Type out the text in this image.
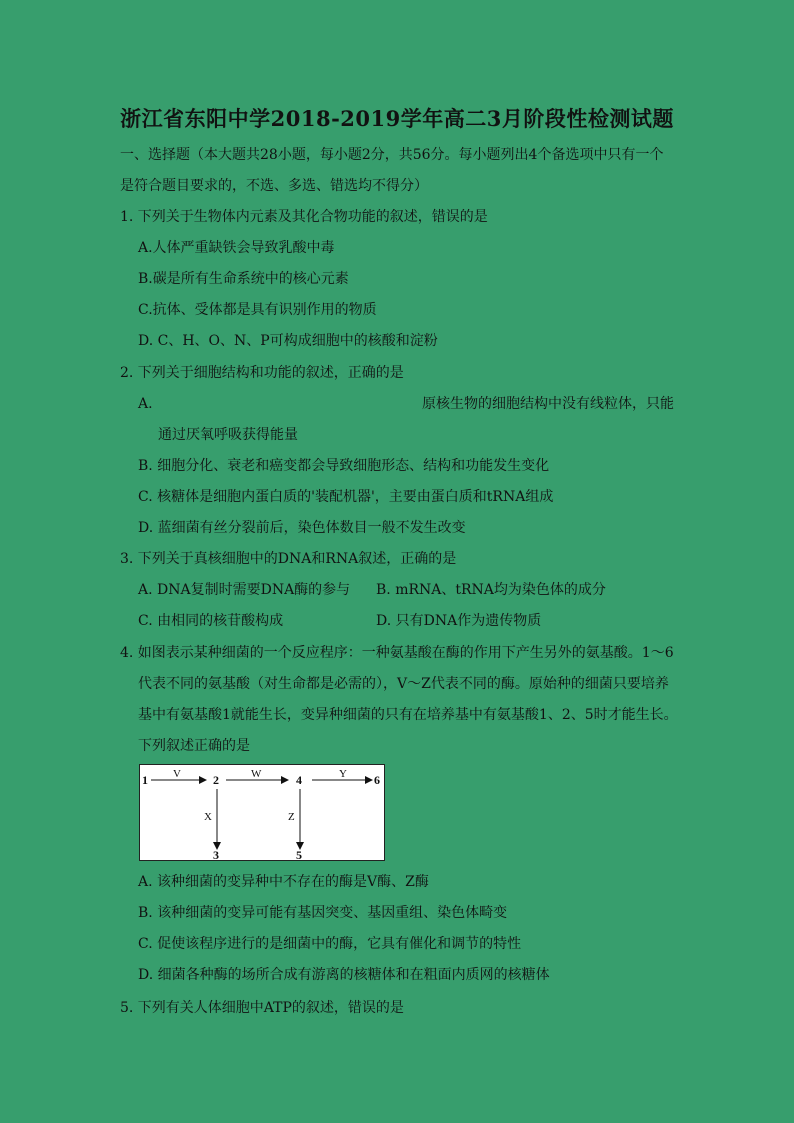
浙江省东阳中学2018-2019学年高二3月阶段性检测试题
一、选择题（本大题共28小题，每小题2分，共56分。每小题列出4个备选项中只有一个
是符合题目要求的，不选、多选、错选均不得分）
1. 下列关于生物体内元素及其化合物功能的叙述，错误的是
A.人体严重缺铁会导致乳酸中毒
B.碳是所有生命系统中的核心元素
C.抗体、受体都是具有识别作用的物质
D. C、H、O、N、P可构成细胞中的核酸和淀粉
2. 下列关于细胞结构和功能的叙述，正确的是
A.	原核生物的细胞结构中没有线粒体，只能
通过厌氧呼吸获得能量
B. 细胞分化、衰老和癌变都会导致细胞形态、结构和功能发生变化
C. 核糖体是细胞内蛋白质的'装配机器'，主要由蛋白质和tRNA组成
D. 蓝细菌有丝分裂前后，染色体数目一般不发生改变
3. 下列关于真核细胞中的DNA和RNA叙述，正确的是
A. DNA复制时需要DNA酶的参与 B. mRNA、tRNA均为染色体的成分
C. 由相同的核苷酸构成	D. 只有DNA作为遗传物质
4. 如图表示某种细菌的一个反应程序：一种氨基酸在酶的作用下产生另外的氨基酸。1～6
代表不同的氨基酸（对生命都是必需的），V～Z代表不同的酶。原始种的细菌只要培养
基中有氨基酸1就能生长，变异种细菌的只有在培养基中有氨基酸1、2、5时才能生长。
下列叙述正确的是
1	2	4	6
3	5
V	W	Y
X	Z
A. 该种细菌的变异种中不存在的酶是V酶、Z酶
B. 该种细菌的变异可能有基因突变、基因重组、染色体畸变
C. 促使该程序进行的是细菌中的酶，它具有催化和调节的特性
D. 细菌各种酶的场所合成有游离的核糖体和在粗面内质网的核糖体
5. 下列有关人体细胞中ATP的叙述，错误的是
